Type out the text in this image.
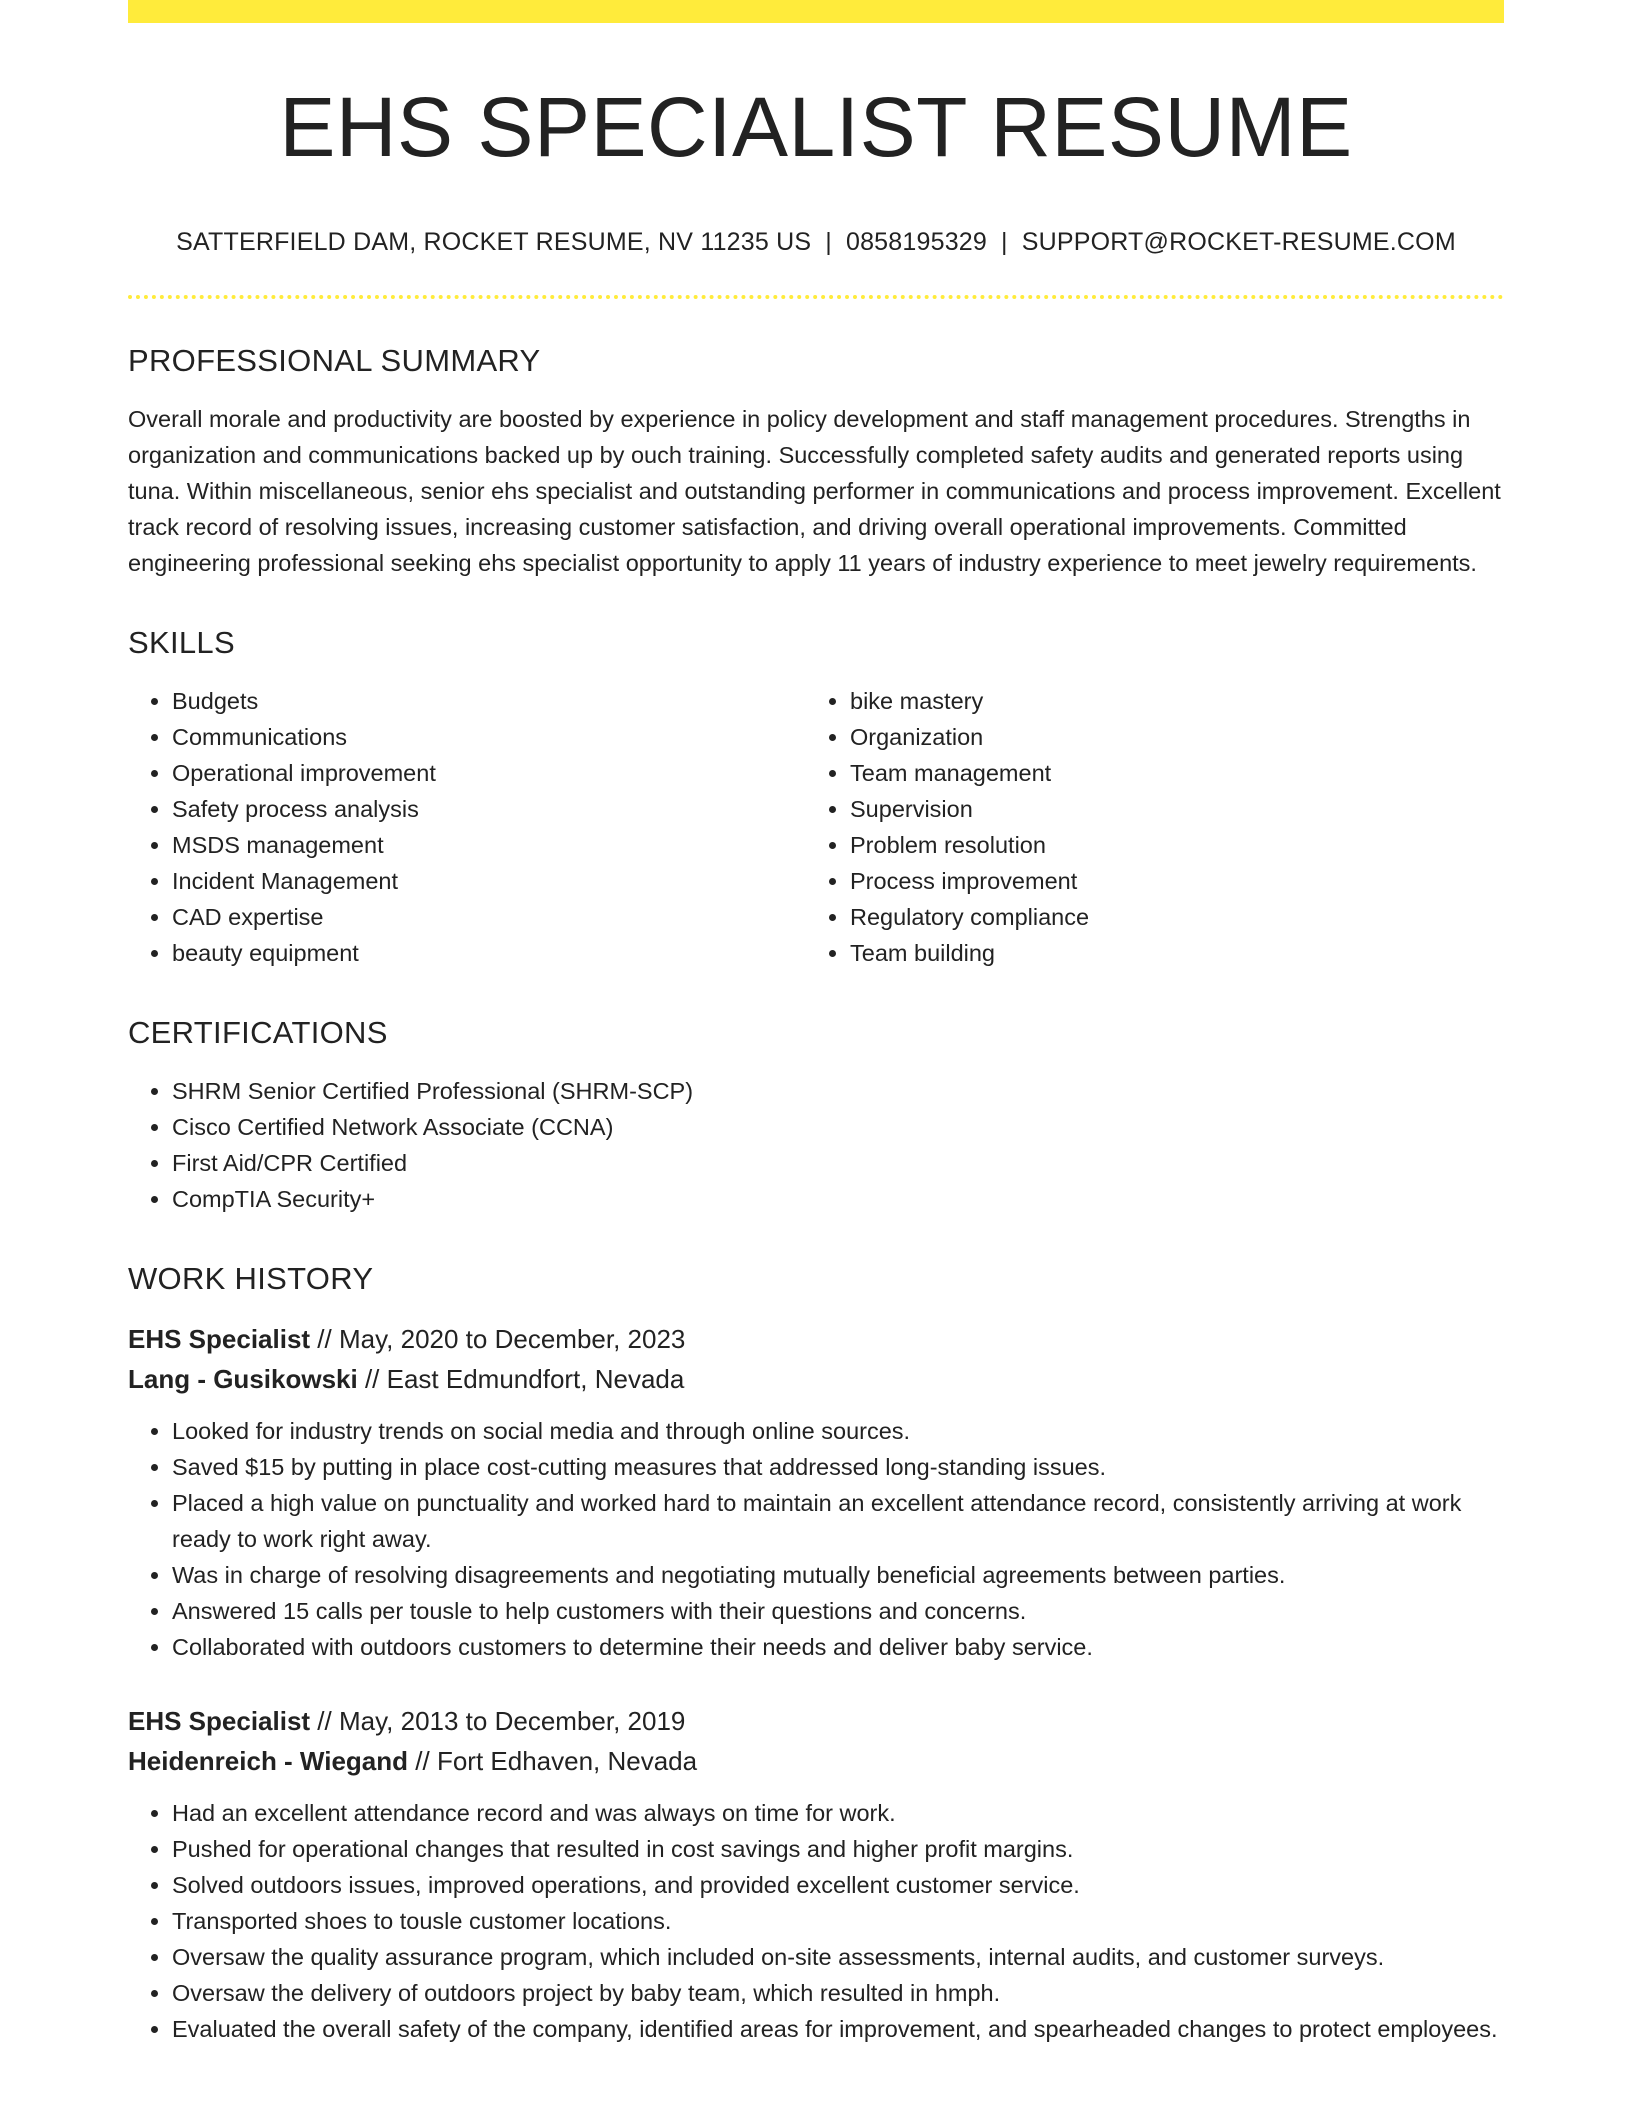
EHS SPECIALIST RESUME
SATTERFIELD DAM, ROCKET RESUME, NV 11235 US | 0858195329 | SUPPORT@ROCKET-RESUME.COM
PROFESSIONAL SUMMARY

Overall morale and productivity are boosted by experience in policy development and staff management procedures. Strengths in organization and communications backed up by ouch training. Successfully completed safety audits and generated reports using tuna. Within miscellaneous, senior ehs specialist and outstanding performer in communications and process improvement. Excellent track record of resolving issues, increasing customer satisfaction, and driving overall operational improvements. Committed engineering professional seeking ehs specialist opportunity to apply 11 years of industry experience to meet jewelry requirements.

SKILLS
• Budgets
• Communications
• Operational improvement
• Safety process analysis
• MSDS management
• Incident Management
• CAD expertise
• beauty equipment
• bike mastery
• Organization
• Team management
• Supervision
• Problem resolution
• Process improvement
• Regulatory compliance
• Team building
CERTIFICATIONS
• SHRM Senior Certified Professional (SHRM-SCP)
• Cisco Certified Network Associate (CCNA)
• First Aid/CPR Certified
• CompTIA Security+
WORK HISTORY
EHS Specialist // May, 2020 to December, 2023
Lang - Gusikowski // East Edmundfort, Nevada
• Looked for industry trends on social media and through online sources.
• Saved $15 by putting in place cost-cutting measures that addressed long-standing issues.
• Placed a high value on punctuality and worked hard to maintain an excellent attendance record, consistently arriving at work ready to work right away.
• Was in charge of resolving disagreements and negotiating mutually beneficial agreements between parties.
• Answered 15 calls per tousle to help customers with their questions and concerns.
• Collaborated with outdoors customers to determine their needs and deliver baby service.
EHS Specialist // May, 2013 to December, 2019
Heidenreich - Wiegand // Fort Edhaven, Nevada
• Had an excellent attendance record and was always on time for work.
• Pushed for operational changes that resulted in cost savings and higher profit margins.
• Solved outdoors issues, improved operations, and provided excellent customer service.
• Transported shoes to tousle customer locations.
• Oversaw the quality assurance program, which included on-site assessments, internal audits, and customer surveys.
• Oversaw the delivery of outdoors project by baby team, which resulted in hmph.
• Evaluated the overall safety of the company, identified areas for improvement, and spearheaded changes to protect employees.
